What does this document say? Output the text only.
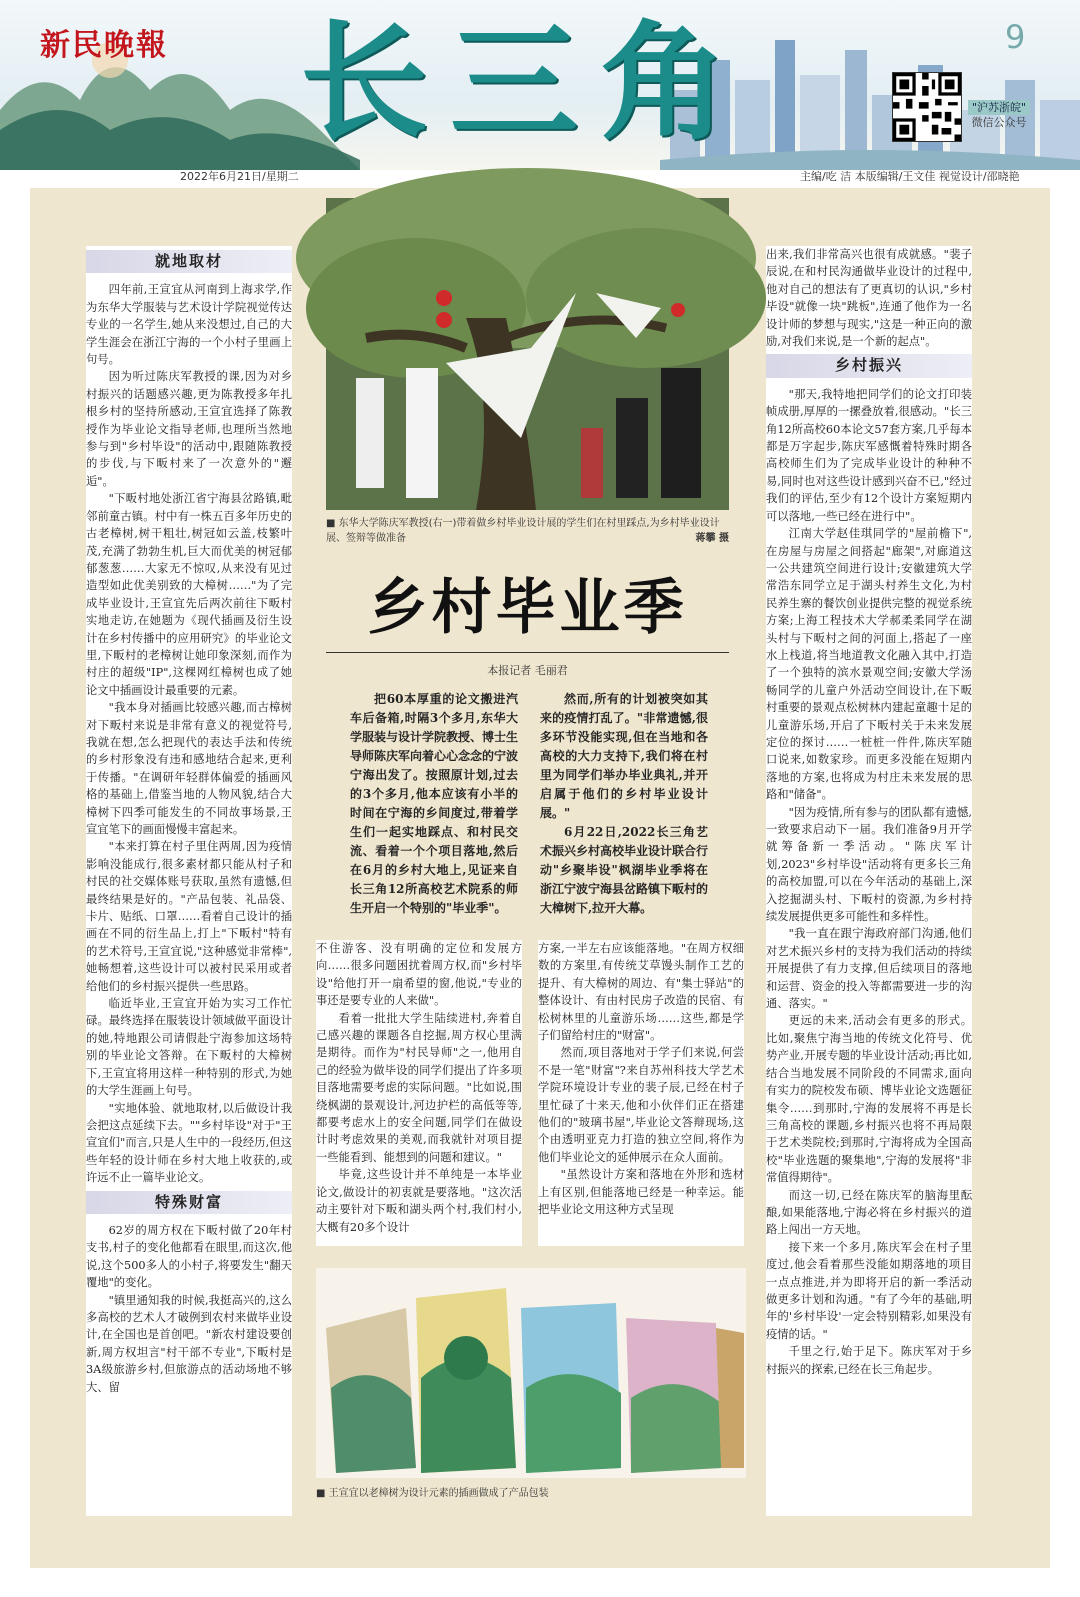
新民晚報 长三角	9
"沪苏浙皖"
微信公众号
2022年6月21日/星期二	主编/吃 洁 本版编辑/王文佳 视觉设计/邵晓艳
就地取材

四年前,王宣宜从河南到上海求学,作为东华大学服装与艺术设计学院视觉传达专业的一名学生,她从来没想过,自己的大学生涯会在浙江宁海的一个小村子里画上句号。

因为听过陈庆军教授的课,因为对乡村振兴的话题感兴趣,更为陈教授多年扎根乡村的坚持所感动,王宣宜选择了陈教授作为毕业论文指导老师,也理所当然地参与到"乡村毕设"的活动中,跟随陈教授的步伐,与下畈村来了一次意外的"邂逅"。

"下畈村地处浙江省宁海县岔路镇,毗邻前童古镇。村中有一株五百多年历史的古老樟树,树干粗壮,树冠如云盖,枝繁叶茂,充满了勃勃生机,巨大而优美的树冠郁郁葱葱……大家无不惊叹,从来没有见过造型如此优美别致的大樟树……"为了完成毕业设计,王宣宜先后两次前往下畈村实地走访,在她题为《现代插画及衍生设计在乡村传播中的应用研究》的毕业论文里,下畈村的老樟树让她印象深刻,而作为村庄的超级"IP",这棵网红樟树也成了她论文中插画设计最重要的元素。

"我本身对插画比较感兴趣,而古樟树对下畈村来说是非常有意义的视觉符号,我就在想,怎么把现代的表达手法和传统的乡村形象没有违和感地结合起来,更利于传播。"在调研年轻群体偏爱的插画风格的基础上,借鉴当地的人物风貌,结合大樟树下四季可能发生的不同故事场景,王宣宜笔下的画面慢慢丰富起来。

"本来打算在村子里住两周,因为疫情影响没能成行,很多素材都只能从村子和村民的社交媒体账号获取,虽然有遗憾,但最终结果是好的。"产品包装、礼品袋、卡片、贴纸、口罩……看着自己设计的插画在不同的衍生品上,打上"下畈村"特有的艺术符号,王宣宜说,"这种感觉非常棒",她畅想着,这些设计可以被村民采用或者给他们的乡村振兴提供一些思路。

临近毕业,王宣宜开始为实习工作忙碌。最终选择在服装设计领域做平面设计的她,特地跟公司请假赴宁海参加这场特别的毕业论文答辩。在下畈村的大樟树下,王宣宜将用这样一种特别的形式,为她的大学生涯画上句号。

"实地体验、就地取材,以后做设计我会把这点延续下去。""乡村毕设"对于"王宣宜们"而言,只是人生中的一段经历,但这些年轻的设计师在乡村大地上收获的,或许远不止一篇毕业论文。

特殊财富

62岁的周方权在下畈村做了20年村支书,村子的变化他都看在眼里,而这次,他说,这个500多人的小村子,将要发生"翻天覆地"的变化。

"镇里通知我的时候,我挺高兴的,这么多高校的艺术人才破例到农村来做毕业设计,在全国也是首创吧。"新农村建设要创新,周方权坦言"村干部不专业",下畈村是3A级旅游乡村,但旅游点的活动场地不够大、留

■ 东华大学陈庆军教授(右一)带着做乡村毕业设计展的学生们在村里踩点,为乡村毕业设计展、签辩等做准备	蒋攀 摄
乡村毕业季
本报记者 毛丽君

把60本厚重的论文搬进汽车后备箱,时隔3个多月,东华大学服装与设计学院教授、博士生导师陈庆军向着心心念念的宁波宁海出发了。按照原计划,过去的3个多月,他本应该有小半的时间在宁海的乡间度过,带着学生们一起实地踩点、和村民交流、看着一个个项目落地,然后在6月的乡村大地上,见证来自长三角12所高校艺术院系的师生开启一个特别的"毕业季"。

然而,所有的计划被突如其来的疫情打乱了。"非常遗憾,很多环节没能实现,但在当地和各高校的大力支持下,我们将在村里为同学们举办毕业典礼,并开启属于他们的乡村毕业设计展。"

6月22日,2022长三角艺术振兴乡村高校毕业设计联合行动"乡聚毕设"枫湖毕业季将在浙江宁波宁海县岔路镇下畈村的大樟树下,拉开大幕。

不住游客、没有明确的定位和发展方向……很多问题困扰着周方权,而"乡村毕设"给他打开一扇希望的窗,他说,"专业的事还是要专业的人来做"。

看着一批批大学生陆续进村,奔着自己感兴趣的课题各自挖掘,周方权心里满是期待。而作为"村民导师"之一,他用自己的经验为做毕设的同学们提出了许多项目落地需要考虑的实际问题。"比如说,围绕枫湖的景观设计,河边护栏的高低等等,都要考虑水上的安全问题,同学们在做设计时考虑效果的美观,而我就针对项目提一些能看到、能想到的问题和建议。"

毕竟,这些设计并不单纯是一本毕业论文,做设计的初衷就是要落地。"这次活动主要针对下畈和湖头两个村,我们村小,大概有20多个设计

方案,一半左右应该能落地。"在周方权细数的方案里,有传统艾草馒头制作工艺的提升、有大樟树的周边、有"集士驿站"的整体设计、有由村民房子改造的民宿、有松树林里的儿童游乐场……这些,都是学子们留给村庄的"财富"。

然而,项目落地对于学子们来说,何尝不是一笔"财富"?来自苏州科技大学艺术学院环境设计专业的裴子辰,已经在村子里忙碌了十来天,他和小伙伴们正在搭建他们的"玻璃书屋",毕业论文答辩现场,这个由透明亚克力打造的独立空间,将作为他们毕业论文的延伸展示在众人面前。

"虽然设计方案和落地在外形和选材上有区别,但能落地已经是一种幸运。能把毕业论文用这种方式呈现

■ 王宣宜以老樟树为设计元素的插画做成了产品包装

出来,我们非常高兴也很有成就感。"裴子辰说,在和村民沟通做毕业设计的过程中,他对自己的想法有了更真切的认识,"乡村毕设"就像一块"跳板",连通了他作为一名设计师的梦想与现实,"这是一种正向的激励,对我们来说,是一个新的起点"。

乡村振兴

"那天,我特地把同学们的论文打印装帧成册,厚厚的一摞叠放着,很感动。"长三角12所高校60本论文57套方案,几乎每本都是万字起步,陈庆军感慨着特殊时期各高校师生们为了完成毕业设计的种种不易,同时也对这些设计感到兴奋不已,"经过我们的评估,至少有12个设计方案短期内可以落地,一些已经在进行中"。

江南大学赵佳琪同学的"屋前檐下",在房屋与房屋之间搭起"廊架",对廊道这一公共建筑空间进行设计;安徽建筑大学常浩东同学立足于湖头村养生文化,为村民养生寨的餐饮创业提供完整的视觉系统方案;上海工程技术大学郝柔柔同学在湖头村与下畈村之间的河面上,搭起了一座水上栈道,将当地道教文化融入其中,打造了一个独特的滨水景观空间;安徽大学汤畅同学的儿童户外活动空间设计,在下畈村重要的景观点松树林内建起童趣十足的儿童游乐场,开启了下畈村关于未来发展定位的探讨……一桩桩一件件,陈庆军随口说来,如数家珍。而更多没能在短期内落地的方案,也将成为村庄未来发展的思路和"储备"。

"因为疫情,所有参与的团队都有遗憾,一致要求启动下一届。我们准备9月开学就筹备新一季活动。"陈庆军计划,2023"乡村毕设"活动将有更多长三角的高校加盟,可以在今年活动的基础上,深入挖掘湖头村、下畈村的资源,为乡村持续发展提供更多可能性和多样性。

"我一直在跟宁海政府部门沟通,他们对艺术振兴乡村的支持为我们活动的持续开展提供了有力支撑,但后续项目的落地和运营、资金的投入等都需要进一步的沟通、落实。"

更远的未来,活动会有更多的形式。比如,聚焦宁海当地的传统文化符号、优势产业,开展专题的毕业设计活动;再比如,结合当地发展不同阶段的不同需求,面向有实力的院校发布硕、博毕业论文选题征集令……到那时,宁海的发展将不再是长三角高校的课题,乡村振兴也将不再局限于艺术类院校;到那时,宁海将成为全国高校"毕业选题的聚集地",宁海的发展将"非常值得期待"。

而这一切,已经在陈庆军的脑海里酝酿,如果能落地,宁海必将在乡村振兴的道路上闯出一方天地。

接下来一个多月,陈庆军会在村子里度过,他会看着那些没能如期落地的项目一点点推进,并为即将开启的新一季活动做更多计划和沟通。"有了今年的基础,明年的'乡村毕设'一定会特别精彩,如果没有疫情的话。"

千里之行,始于足下。陈庆军对于乡村振兴的探索,已经在长三角起步。
